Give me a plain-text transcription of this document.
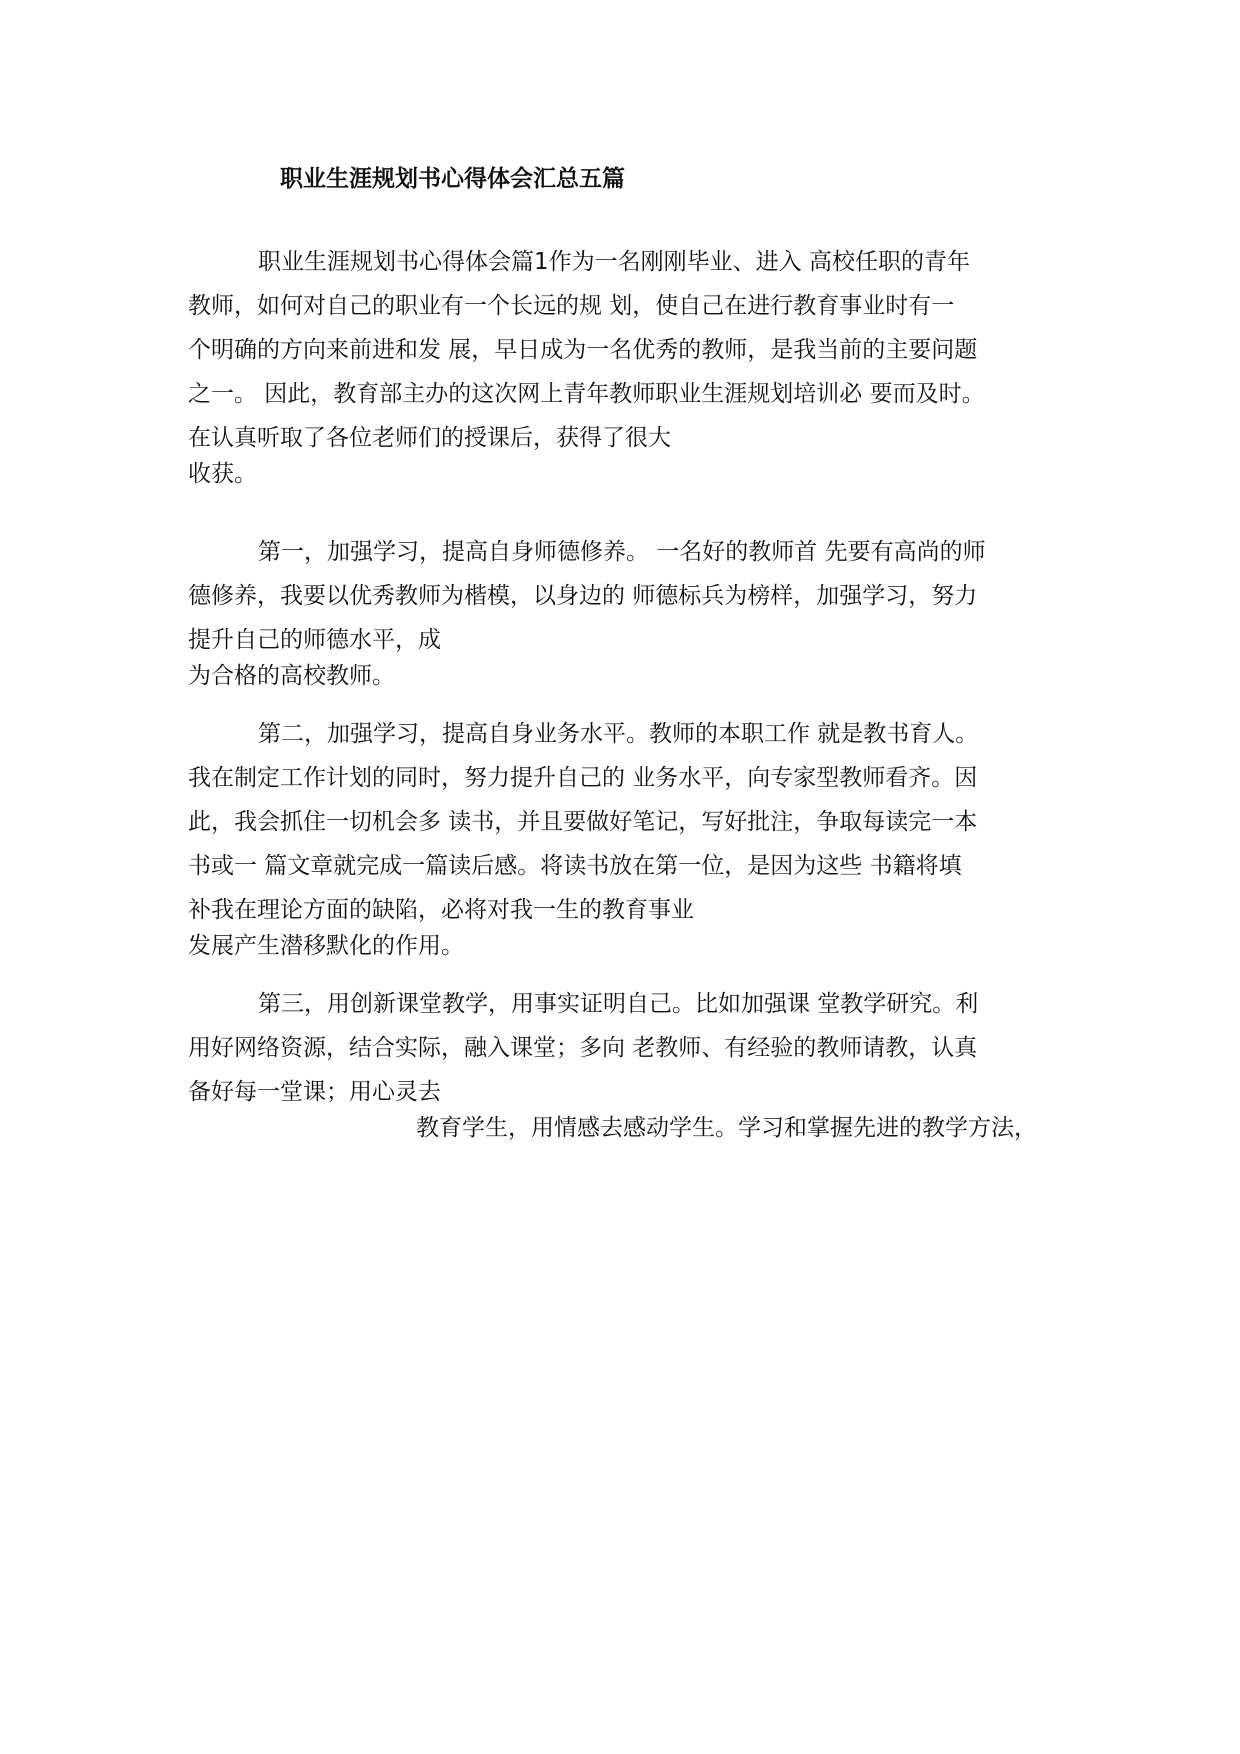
职业生涯规划书心得体会汇总五篇
职业生涯规划书心得体会篇1作为一名刚刚毕业、进入 高校任职的青年
教师，如何对自己的职业有一个长远的规 划，使自己在进行教育事业时有一
个明确的方向来前进和发 展，早日成为一名优秀的教师，是我当前的主要问题
之一。 因此，教育部主办的这次网上青年教师职业生涯规划培训必 要而及时。
在认真听取了各位老师们的授课后，获得了很大
收获。
第一，加强学习，提高自身师德修养。 一名好的教师首 先要有高尚的师
德修养，我要以优秀教师为楷模，以身边的 师德标兵为榜样，加强学习，努力
提升自己的师德水平，成
为合格的高校教师。
第二，加强学习，提高自身业务水平。教师的本职工作 就是教书育人。
我在制定工作计划的同时，努力提升自己的 业务水平，向专家型教师看齐。因
此，我会抓住一切机会多 读书，并且要做好笔记，写好批注，争取每读完一本
书或一 篇文章就完成一篇读后感。将读书放在第一位，是因为这些 书籍将填
补我在理论方面的缺陷，必将对我一生的教育事业
发展产生潜移默化的作用。
第三，用创新课堂教学，用事实证明自己。比如加强课 堂教学研究。利
用好网络资源，结合实际，融入课堂；多向 老教师、有经验的教师请教，认真
备好每一堂课；用心灵去
教育学生，用情感去感动学生。学习和掌握先进的教学方法，
